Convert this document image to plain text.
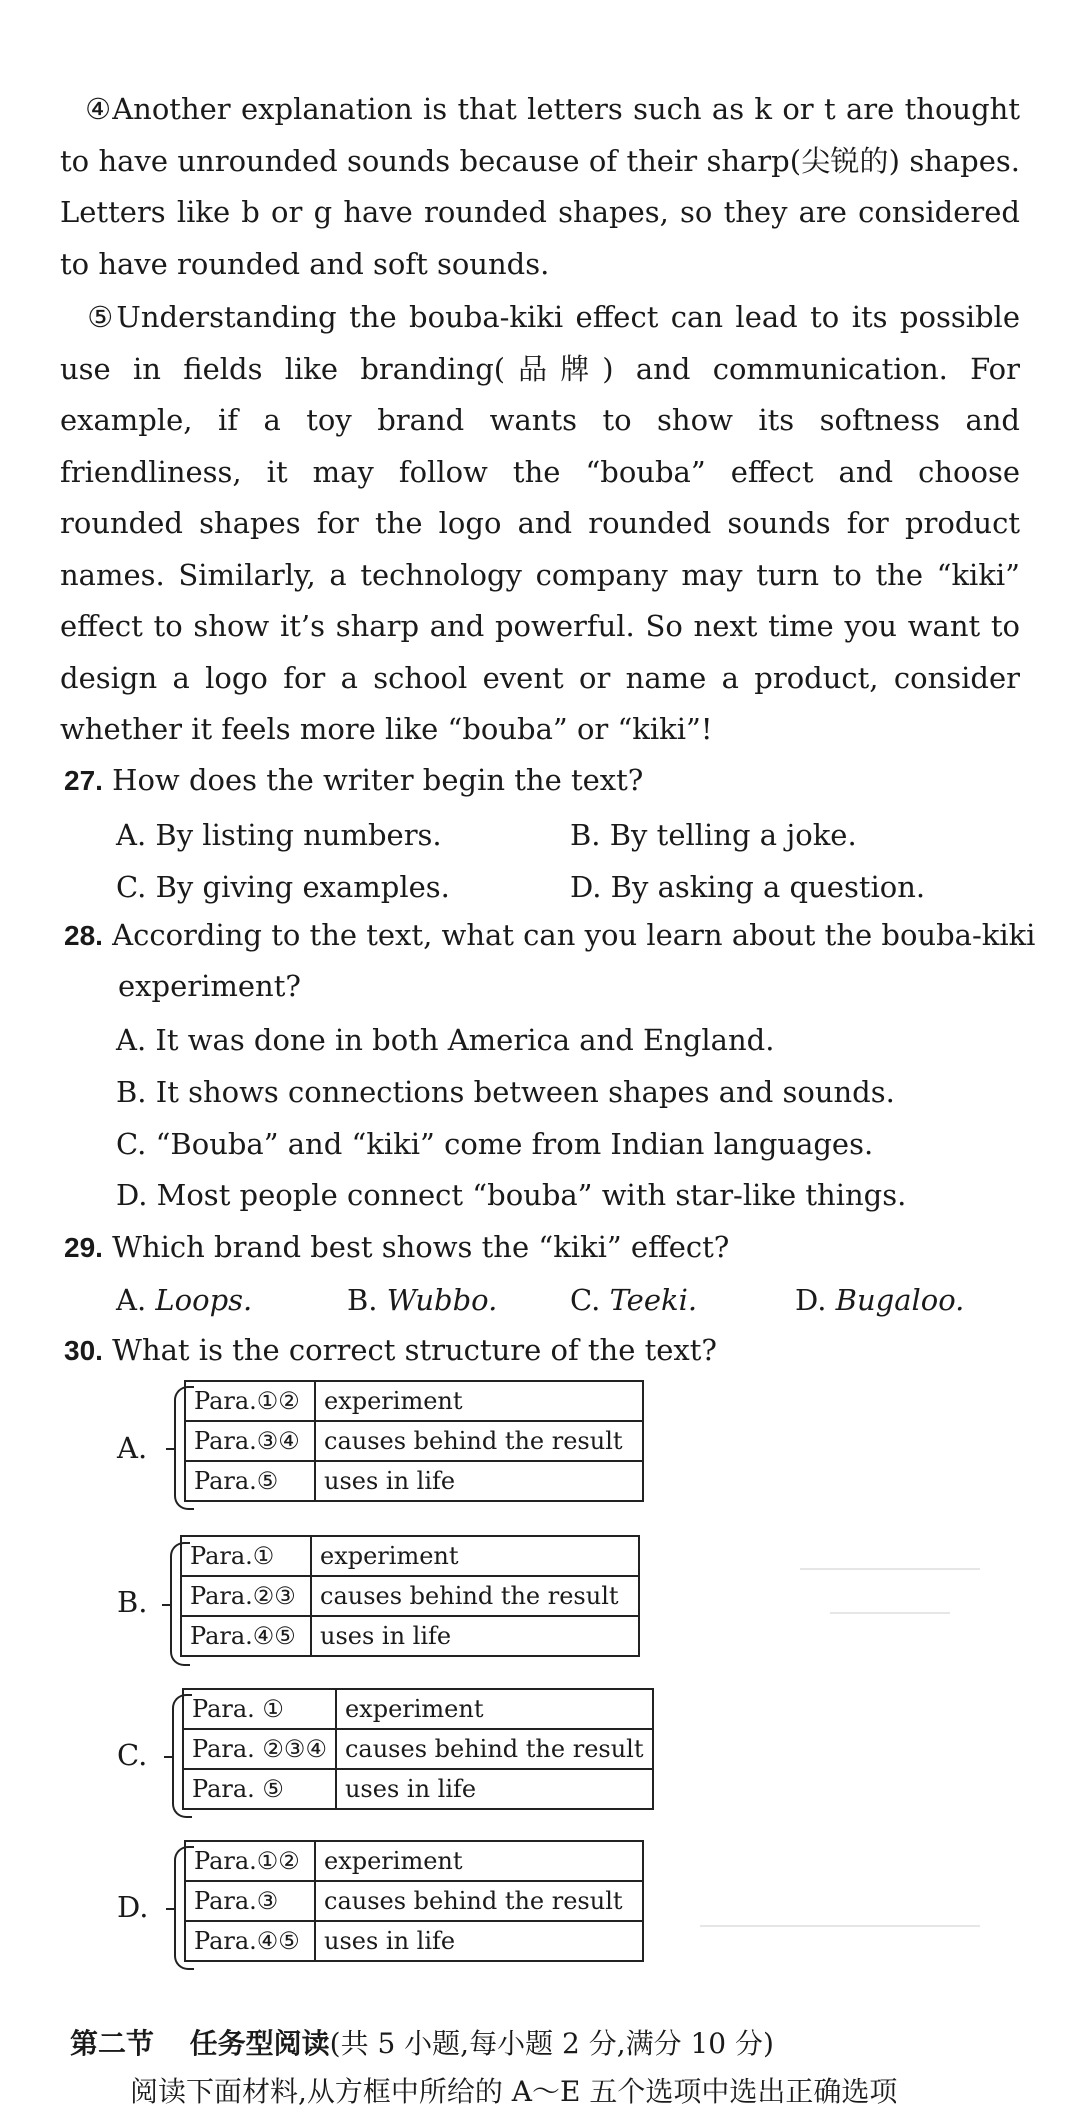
④Another explanation is that letters such as k or t are thought to have unrounded sounds because of their sharp(尖锐的) shapes. Letters like b or g have rounded shapes, so they are considered to have rounded and soft sounds.

⑤Understanding the bouba-kiki effect can lead to its possible use in fields like branding(品牌) and communication. For example, if a toy brand wants to show its softness and friendliness, it may follow the “bouba” effect and choose rounded shapes for the logo and rounded sounds for product names. Similarly, a technology company may turn to the “kiki” effect to show it’s sharp and powerful. So next time you want to design a logo for a school event or name a product, consider whether it feels more like “bouba” or “kiki”!

27. How does the writer begin the text?
A. By listing numbers.	B. By telling a joke.
C. By giving examples.	D. By asking a question.
28. According to the text, what can you learn about the bouba-kiki experiment?
A. It was done in both America and England.
B. It shows connections between shapes and sounds.
C. “Bouba” and “kiki” come from Indian languages.
D. Most people connect “bouba” with star-like things.
29. Which brand best shows the “kiki” effect?
A. Loops.	B. Wubbo.	C. Teeki.	D. Bugaloo.
30. What is the correct structure of the text?
A.
Para.①②	experiment
Para.③④	causes behind the result
Para.⑤	uses in life
B.
Para.①	experiment
Para.②③	causes behind the result
Para.④⑤	uses in life
C.
Para. ①	experiment
Para. ②③④	causes behind the result
Para. ⑤	uses in life
D.
Para.①②	experiment
Para.③	causes behind the result
Para.④⑤	uses in life
第二节 任务型阅读(共 5 小题,每小题 2 分,满分 10 分)
阅读下面材料,从方框中所给的 A～E 五个选项中选出正确选项
